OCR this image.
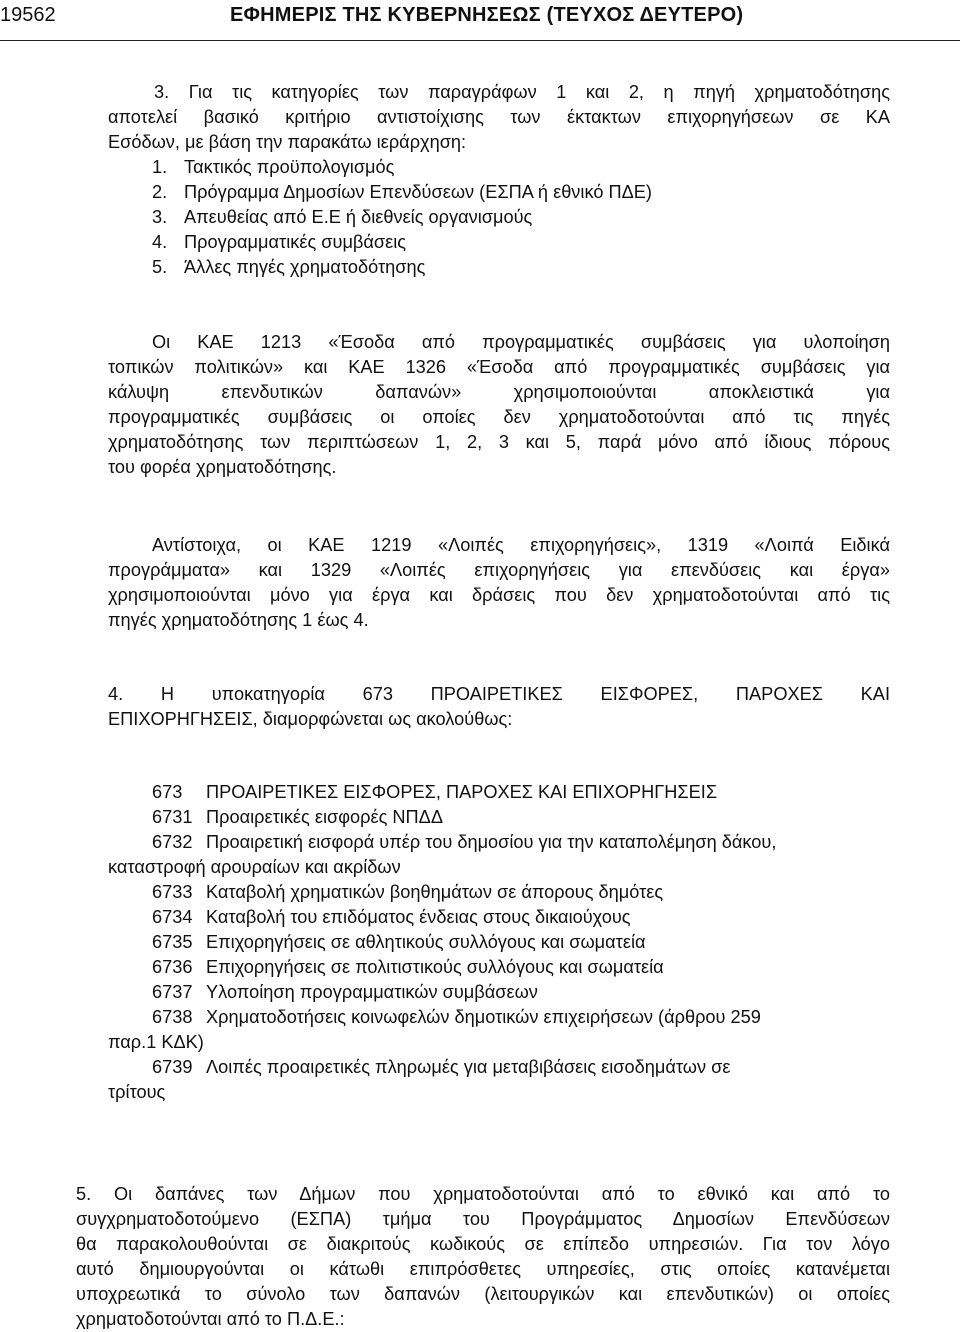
19562	ΕΦΗΜΕΡΙΣ ΤΗΣ ΚΥΒΕΡΝΗΣΕΩΣ (ΤΕΥΧΟΣ ΔΕΥΤΕΡΟ)
3. Για τις κατηγορίες των παραγράφων 1 και 2, η πηγή χρηματοδότησης
αποτελεί βασικό κριτήριο αντιστοίχισης των έκτακτων επιχορηγήσεων σε ΚΑ
Εσόδων, με βάση την παρακάτω ιεράρχηση:
1. Τακτικός προϋπολογισμός
2. Πρόγραμμα Δημοσίων Επενδύσεων (ΕΣΠΑ ή εθνικό ΠΔΕ)
3. Απευθείας από Ε.Ε ή διεθνείς οργανισμούς
4. Προγραμματικές συμβάσεις
5. Άλλες πηγές χρηματοδότησης
Οι ΚΑΕ 1213 «Έσοδα από προγραμματικές συμβάσεις για υλοποίηση
τοπικών πολιτικών» και ΚΑΕ 1326 «Έσοδα από προγραμματικές συμβάσεις για
κάλυψη επενδυτικών δαπανών» χρησιμοποιούνται αποκλειστικά για
προγραμματικές συμβάσεις οι οποίες δεν χρηματοδοτούνται από τις πηγές
χρηματοδότησης των περιπτώσεων 1, 2, 3 και 5, παρά μόνο από ίδιους πόρους
του φορέα χρηματοδότησης.
Αντίστοιχα, οι ΚΑΕ 1219 «Λοιπές επιχορηγήσεις», 1319 «Λοιπά Ειδικά
προγράμματα» και 1329 «Λοιπές επιχορηγήσεις για επενδύσεις και έργα»
χρησιμοποιούνται μόνο για έργα και δράσεις που δεν χρηματοδοτούνται από τις
πηγές χρηματοδότησης 1 έως 4.
4. Η υποκατηγορία 673 ΠΡΟΑΙΡΕΤΙΚΕΣ ΕΙΣΦΟΡΕΣ, ΠΑΡΟΧΕΣ ΚΑΙ
ΕΠΙΧΟΡΗΓΗΣΕΙΣ, διαμορφώνεται ως ακολούθως:
673 ΠΡΟΑΙΡΕΤΙΚΕΣ ΕΙΣΦΟΡΕΣ, ΠΑΡΟΧΕΣ ΚΑΙ ΕΠΙΧΟΡΗΓΗΣΕΙΣ
6731 Προαιρετικές εισφορές ΝΠΔΔ
6732 Προαιρετική εισφορά υπέρ του δημοσίου για την καταπολέμηση δάκου,
καταστροφή αρουραίων και ακρίδων
6733 Καταβολή χρηματικών βοηθημάτων σε άπορους δημότες
6734 Καταβολή του επιδόματος ένδειας στους δικαιούχους
6735 Επιχορηγήσεις σε αθλητικούς συλλόγους και σωματεία
6736 Επιχορηγήσεις σε πολιτιστικούς συλλόγους και σωματεία
6737 Υλοποίηση προγραμματικών συμβάσεων
6738 Χρηματοδοτήσεις κοινωφελών δημοτικών επιχειρήσεων (άρθρου 259
παρ.1 ΚΔΚ)
6739 Λοιπές προαιρετικές πληρωμές για μεταβιβάσεις εισοδημάτων σε
τρίτους
5. Οι δαπάνες των Δήμων που χρηματοδοτούνται από το εθνικό και από το
συγχρηματοδοτούμενο (ΕΣΠΑ) τμήμα του Προγράμματος Δημοσίων Επενδύσεων
θα παρακολουθούνται σε διακριτούς κωδικούς σε επίπεδο υπηρεσιών. Για τον λόγο
αυτό δημιουργούνται οι κάτωθι επιπρόσθετες υπηρεσίες, στις οποίες κατανέμεται
υποχρεωτικά το σύνολο των δαπανών (λειτουργικών και επενδυτικών) οι οποίες
χρηματοδοτούνται από το Π.Δ.Ε.:
